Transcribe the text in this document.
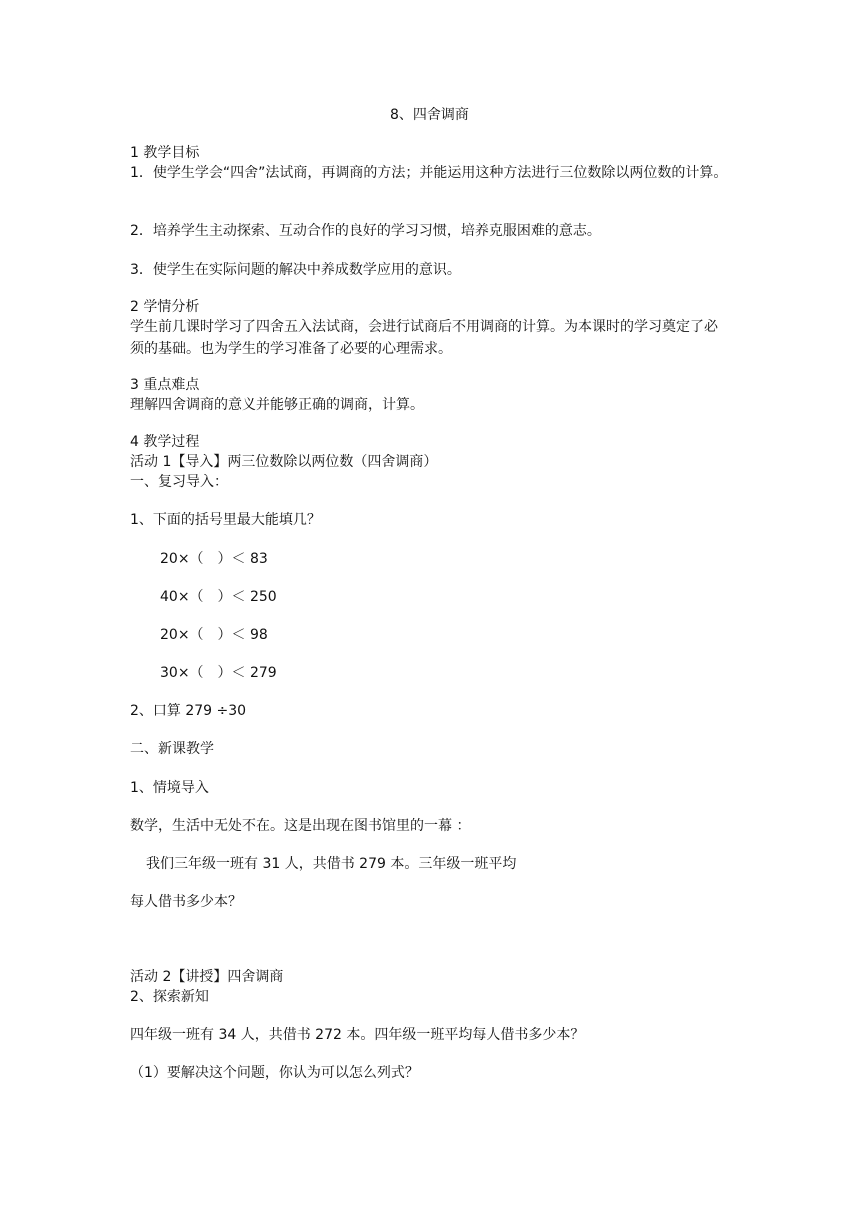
8、四舍调商

1 教学目标

1．使学生学会“四舍”法试商，再调商的方法；并能运用这种方法进行三位数除以两位数的计算。

2．培养学生主动探索、互动合作的良好的学习习惯，培养克服困难的意志。

3．使学生在实际问题的解决中养成数学应用的意识。

2 学情分析

学生前几课时学习了四舍五入法试商，会进行试商后不用调商的计算。为本课时的学习奠定了必须的基础。也为学生的学习准备了必要的心理需求。

3 重点难点

理解四舍调商的意义并能够正确的调商，计算。

4 教学过程

活动 1【导入】两三位数除以两位数（四舍调商）

一、复习导入：

1、下面的括号里最大能填几？

20×（　）＜ 83

40×（　）＜ 250

20×（　）＜ 98

30×（　）＜ 279

2、口算 279 ÷30

二、新课教学

1、情境导入

数学，生活中无处不在。这是出现在图书馆里的一幕 ：

我们三年级一班有 31 人，共借书 279 本。三年级一班平均

每人借书多少本？

活动 2【讲授】四舍调商

2、探索新知

四年级一班有 34 人，共借书 272 本。四年级一班平均每人借书多少本？

（1）要解决这个问题，你认为可以怎么列式？
